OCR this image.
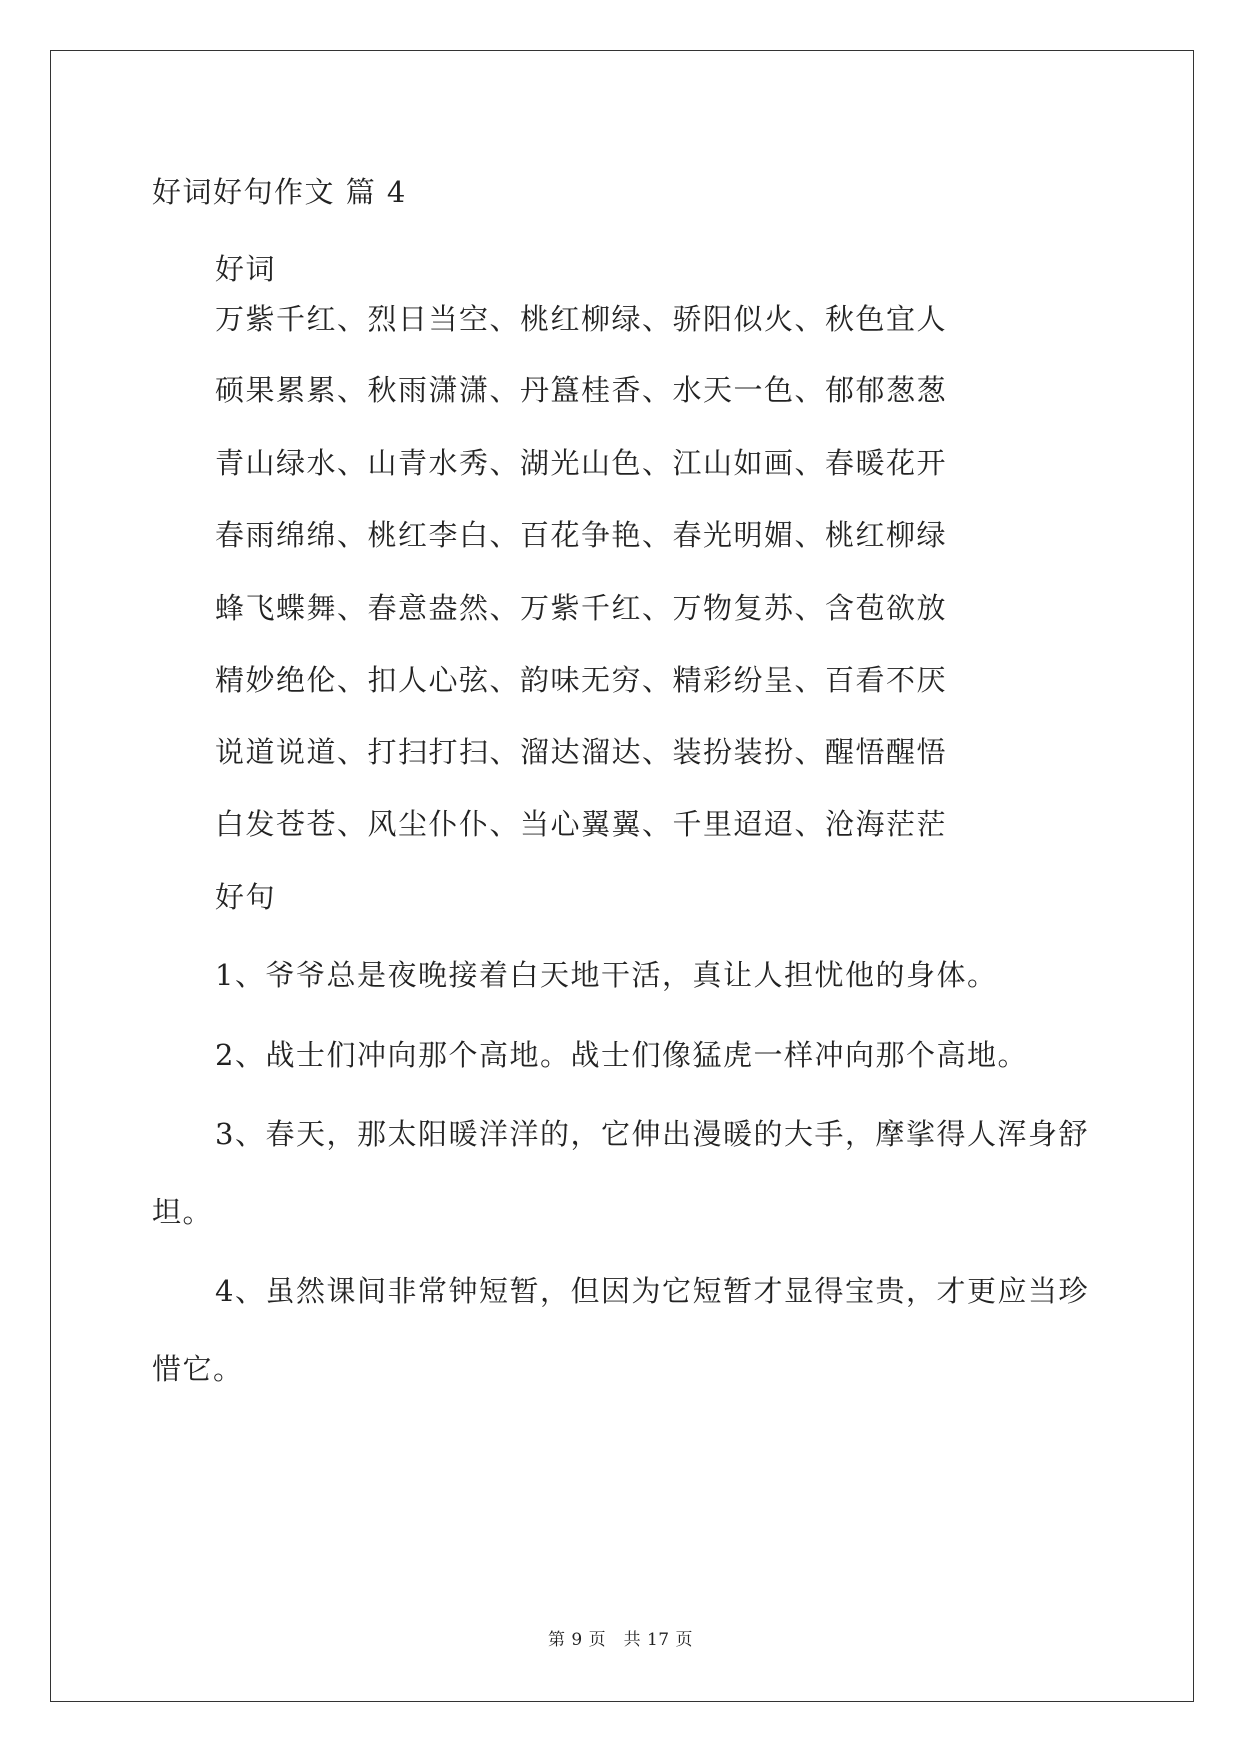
好词好句作文 篇 4
好词
万紫千红、烈日当空、桃红柳绿、骄阳似火、秋色宜人
硕果累累、秋雨潇潇、丹簋桂香、水天一色、郁郁葱葱
青山绿水、山青水秀、湖光山色、江山如画、春暖花开
春雨绵绵、桃红李白、百花争艳、春光明媚、桃红柳绿
蜂飞蝶舞、春意盎然、万紫千红、万物复苏、含苞欲放
精妙绝伦、扣人心弦、韵味无穷、精彩纷呈、百看不厌
说道说道、打扫打扫、溜达溜达、装扮装扮、醒悟醒悟
白发苍苍、风尘仆仆、当心翼翼、千里迢迢、沧海茫茫
好句
1、爷爷总是夜晚接着白天地干活，真让人担忧他的身体。
2、战士们冲向那个高地。战士们像猛虎一样冲向那个高地。
3、春天，那太阳暖洋洋的，它伸出漫暖的大手，摩挲得人浑身舒
坦。
4、虽然课间非常钟短暂，但因为它短暂才显得宝贵，才更应当珍
惜它。
第 9 页　共 17 页
